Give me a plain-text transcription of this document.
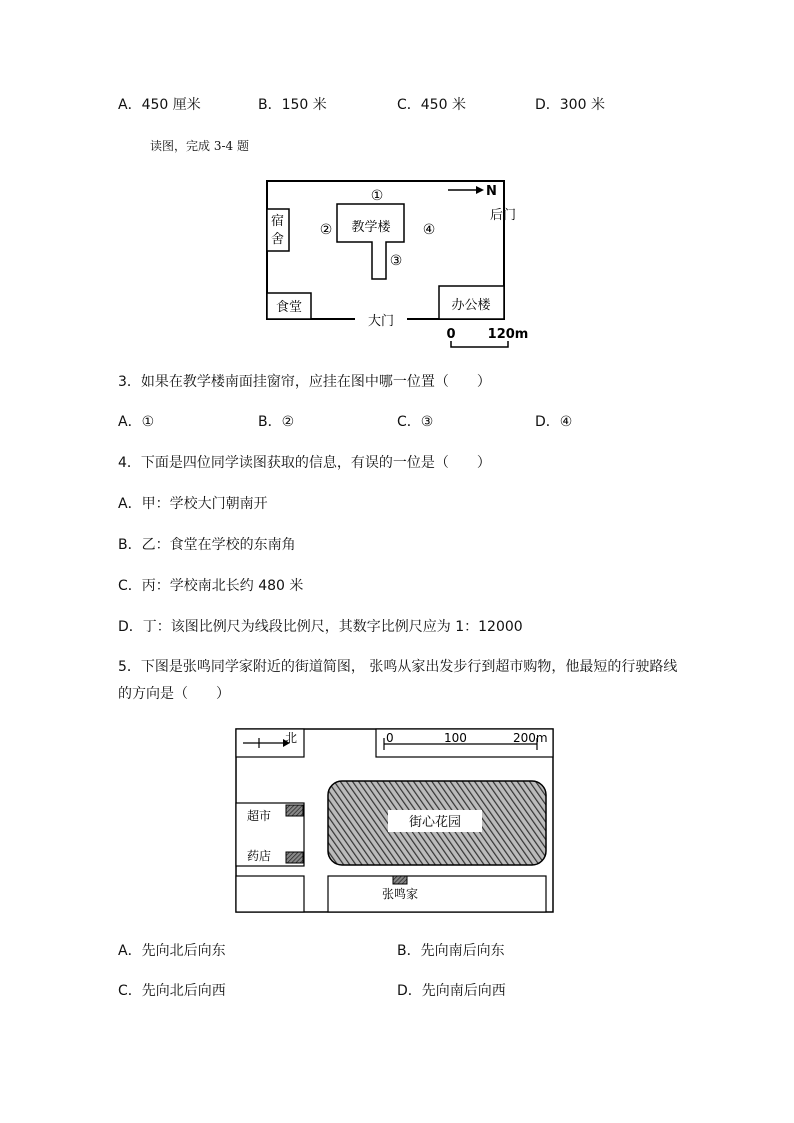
A．450 厘米	B．150 米	C．450 米	D．300 米
读图，完成 3-4 题
N
后门
宿
舍
教学楼
①
②
③
④
食堂
大门
办公楼
0 120m
3．如果在教学楼南面挂窗帘，应挂在图中哪一位置（　　）
A．①	B．②	C．③	D．④
4．下面是四位同学读图获取的信息，有误的一位是（　　）
A．甲：学校大门朝南开
B．乙：食堂在学校的东南角
C．丙：学校南北长约 480 米
D．丁：该图比例尺为线段比例尺，其数字比例尺应为 1：12000
5．下图是张鸣同学家附近的街道简图， 张鸣从家出发步行到超市购物，他最短的行驶路线
的方向是（　　）
北	0	100	200m
超市
药店
街心花园
张鸣家
A．先向北后向东	B．先向南后向东
C．先向北后向西	D．先向南后向西
